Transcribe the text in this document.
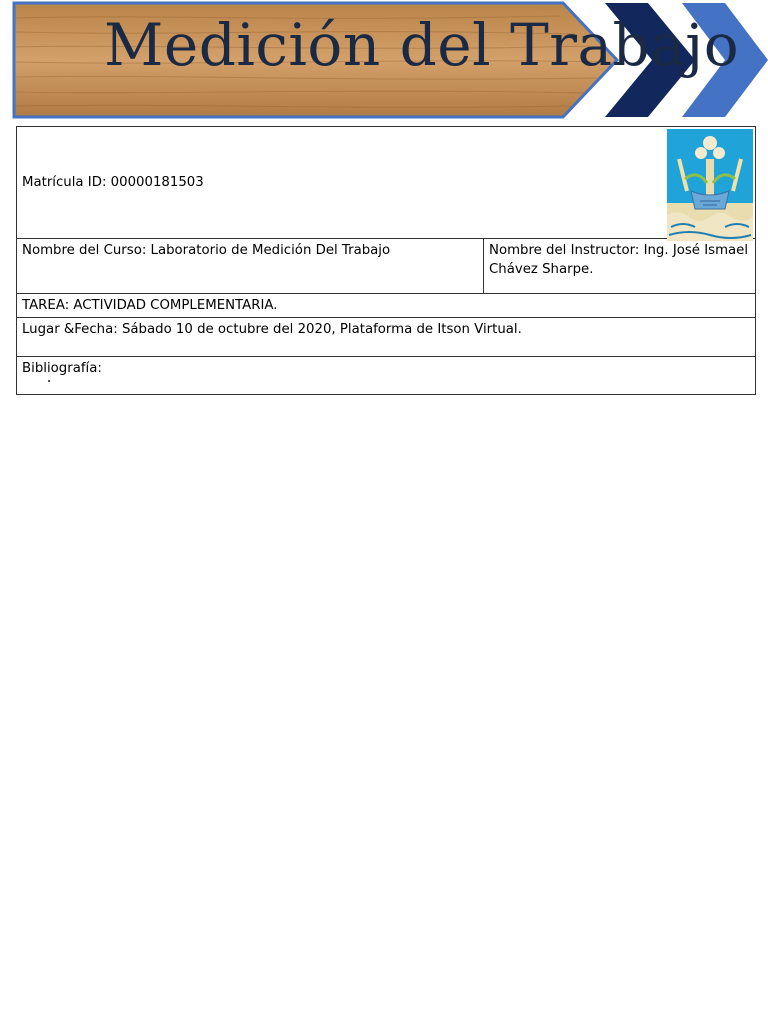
Medición del Trabajo
Matrícula ID: 00000181503

Nombre del Curso: Laboratorio de Medición Del Trabajo	Nombre del Instructor: Ing. José Ismael Chávez Sharpe.
TAREA: ACTIVIDAD COMPLEMENTARIA.
Lugar &Fecha: Sábado 10 de octubre del 2020, Plataforma de Itson Virtual.
Bibliografía:
